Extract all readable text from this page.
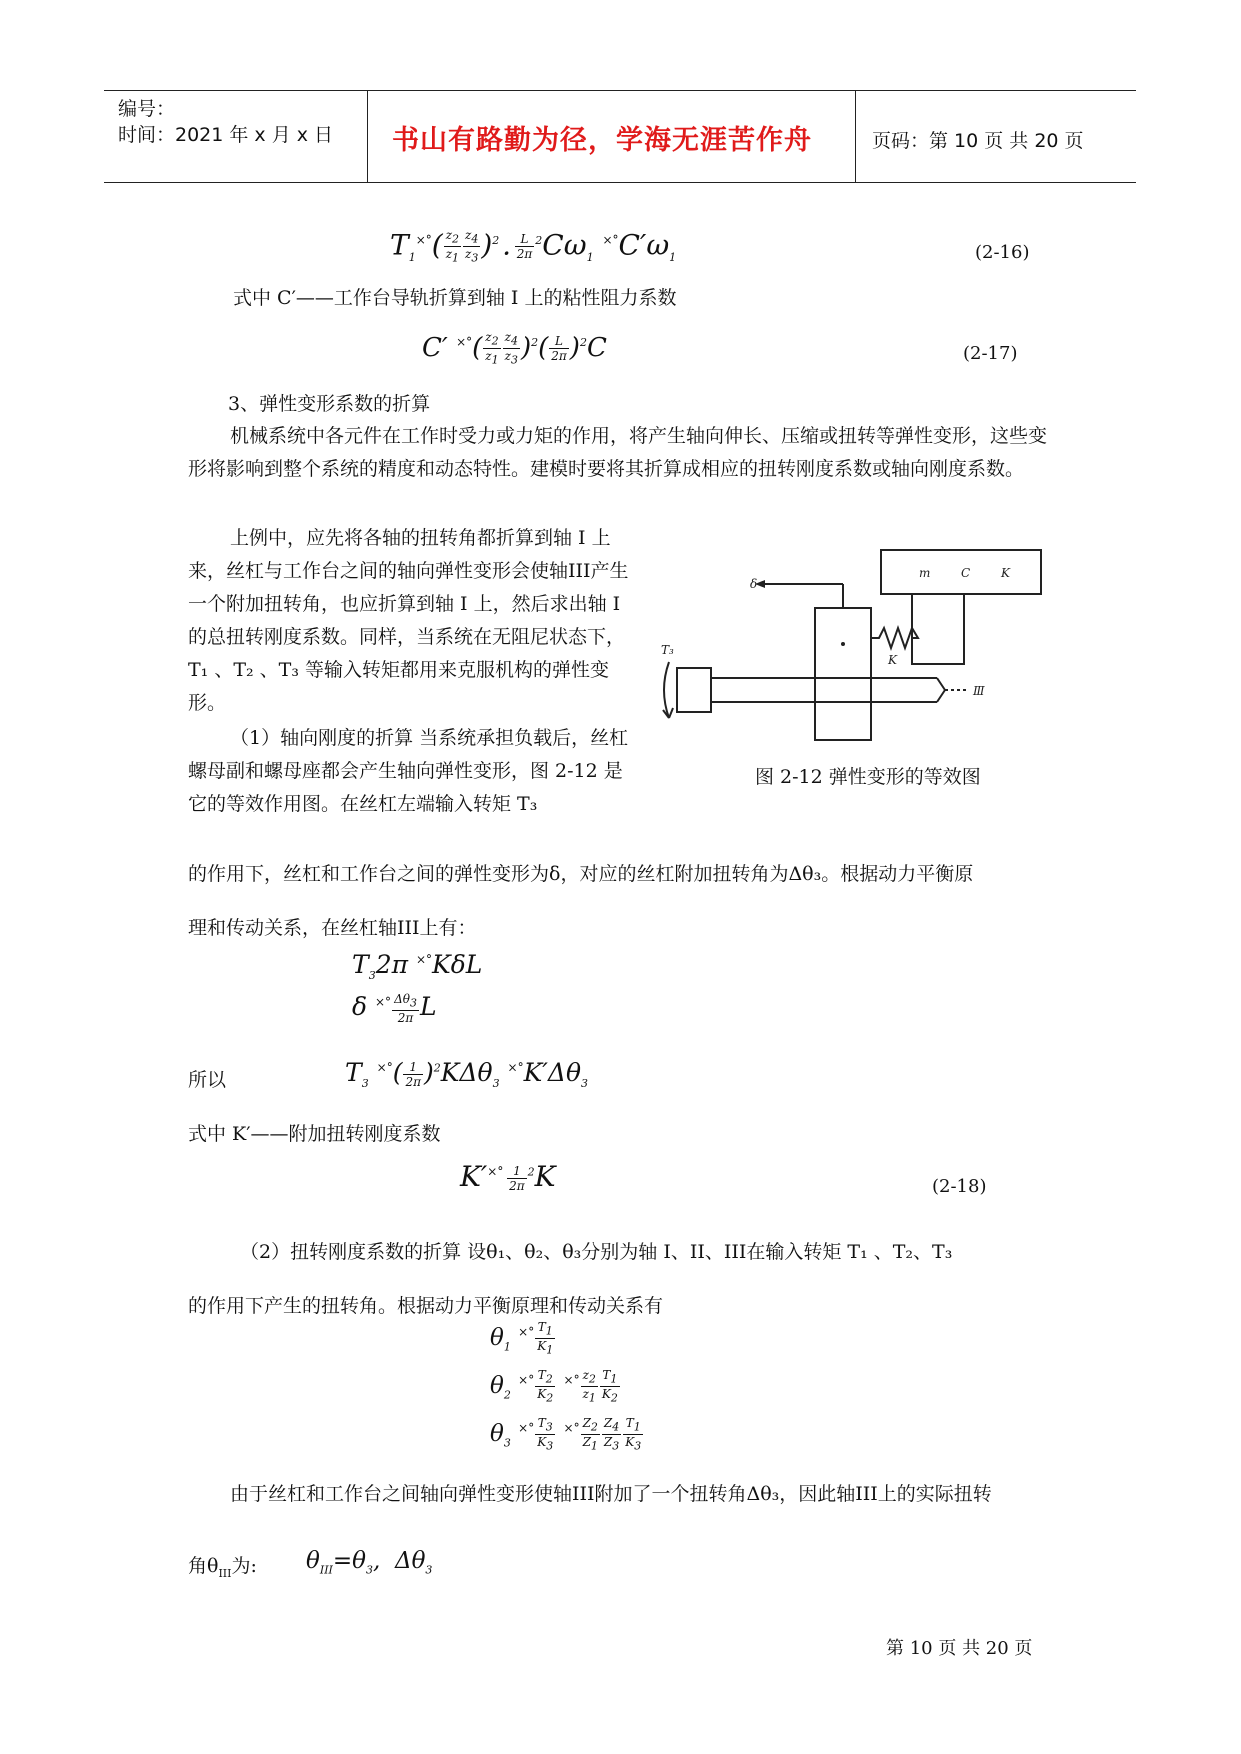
编号：
时间：2021 年 x 月 x 日 书山有路勤为径，学海无涯苦作舟	页码：第 10 页 共 20 页
$T_1^{\times^\circ}( \frac{z_2}{z_1} \frac{z_4}{z_3} )^2$ .  $\frac{L}{2\pi} ^2C\omega_1$ $^{\times^\circ}C'\omega_1$	(2-16)
式中 C′——工作台导轨折算到轴 I 上的粘性阻力系数
C′ $^{\times^\circ}( \frac{z_2}{z_1} \frac{z_4}{z_3} )^2( \frac{L}{2\pi} )^2C$	(2-17)
3、弹性变形系数的折算
机械系统中各元件在工作时受力或力矩的作用，将产生轴向伸长、压缩或扭转等弹性变形，这些变形将影响到整个系统的精度和动态特性。建模时要将其折算成相应的扭转刚度系数或轴向刚度系数。
上例中，应先将各轴的扭转角都折算到轴 I 上来，丝杠与工作台之间的轴向弹性变形会使轴III产生一个附加扭转角，也应折算到轴 I 上，然后求出轴 I 的总扭转刚度系数。同样，当系统在无阻尼状态下，T₁ 、T₂ 、T₃ 等输入转矩都用来克服机构的弹性变形。
（1）轴向刚度的折算 当系统承担负载后，丝杠螺母副和螺母座都会产生轴向弹性变形，图 2-12 是它的等效作用图。在丝杠左端输入转矩 T₃
δ
m	C	K
K
T₃
Ⅲ
图 2-12 弹性变形的等效图
的作用下，丝杠和工作台之间的弹性变形为δ，对应的丝杠附加扭转角为Δθ₃。根据动力平衡原
理和传动关系，在丝杠轴III上有：
$T_32\pi$ ×°KδL
δ $^{\times^\circ} \frac{\Delta\theta_3}{2\pi}$ L
所以	$T_3$ $^{\times^\circ}( \frac{1}{2\pi} )^2K\Delta\theta_3$ $^{\times^\circ}K'\Delta\theta_3$
式中 K′——附加扭转刚度系数
K′×°  $\frac{1}{2\pi} ^2K$	(2-18)
（2）扭转刚度系数的折算 设θ₁、θ₂、θ₃分别为轴 I、II、III在输入转矩 T₁ 、T₂、T₃
的作用下产生的扭转角。根据动力平衡原理和传动关系有
$\theta_1$ $^{\times^\circ} \frac{T_1}{K_1}$
$\theta_2$ $^{\times^\circ} \frac{T_2}{K_2} ^{\times^\circ} \frac{z_2}{z_1} \frac{T_1}{K_2}$
$\theta_3$ $^{\times^\circ} \frac{T_3}{K_3} ^{\times^\circ} \frac{Z_2}{Z_1} \frac{Z_4}{Z_3} \frac{T_1}{K_3}$
由于丝杠和工作台之间轴向弹性变形使轴III附加了一个扭转角Δθ₃，因此轴III上的实际扭转
角$\theta_{III}$为: $\theta_{III}=\theta_3$,  $\Delta\theta_3$
第 10 页 共 20 页
